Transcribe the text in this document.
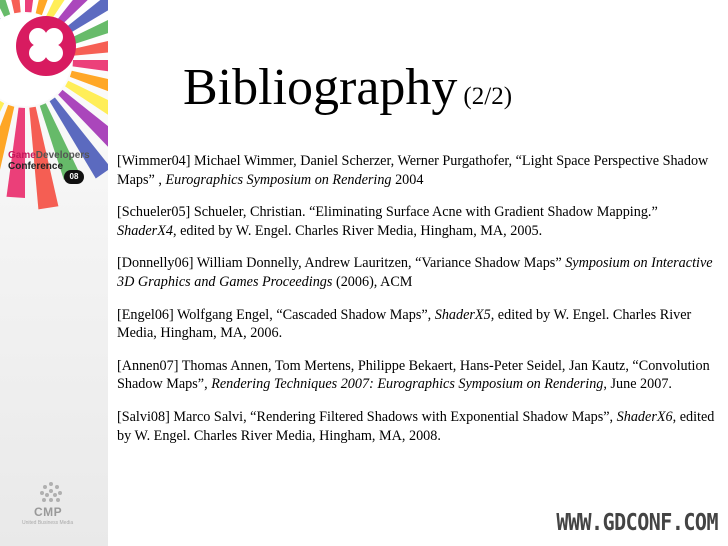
GameDevelopers
Conference
08
CMP
United Business Media
Bibliography (2/2)

[Wimmer04] Michael Wimmer, Daniel Scherzer, Werner Purgathofer, “Light Space Perspective Shadow Maps” , Eurographics Symposium on Rendering 2004

[Schueler05] Schueler, Christian. “Eliminating Surface Acne with Gradient Shadow Mapping.” ShaderX4, edited by W. Engel. Charles River Media, Hingham, MA, 2005.

[Donnelly06] William Donnelly, Andrew Lauritzen, “Variance Shadow Maps” Symposium on Interactive 3D Graphics and Games Proceedings (2006), ACM

[Engel06] Wolfgang Engel, “Cascaded Shadow Maps”, ShaderX5, edited by W. Engel. Charles River Media, Hingham, MA, 2006.

[Annen07] Thomas Annen, Tom Mertens, Philippe Bekaert, Hans-Peter Seidel, Jan Kautz, “Convolution Shadow Maps”, Rendering Techniques 2007: Eurographics Symposium on Rendering, June 2007.

[Salvi08] Marco Salvi, “Rendering Filtered Shadows with Exponential Shadow Maps”, ShaderX6, edited by W. Engel. Charles River Media, Hingham, MA, 2008.

WWW.GDCONF.COM
